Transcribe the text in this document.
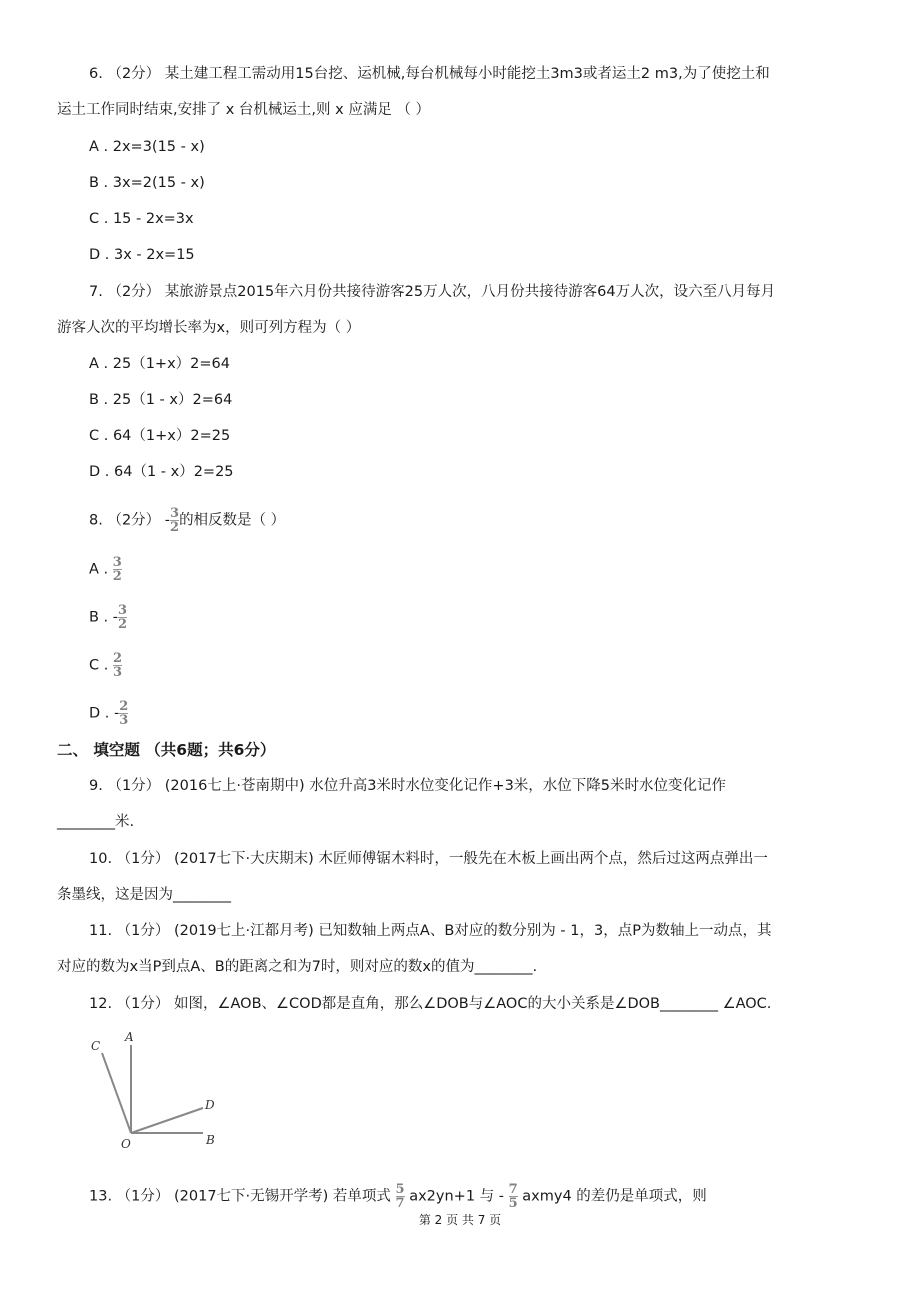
6. （2分） 某土建工程工需动用15台挖、运机械,每台机械每小时能挖土3m3或者运土2 m3,为了使挖土和
运土工作同时结束,安排了 x 台机械运土,则 x 应满足 （ ）
A . 2x=3(15 - x)
B . 3x=2(15 - x)
C . 15 - 2x=3x
D . 3x - 2x=15
7. （2分） 某旅游景点2015年六月份共接待游客25万人次，八月份共接待游客64万人次，设六至八月每月
游客人次的平均增长率为x，则可列方程为（ ）
A . 25（1+x）2=64
B . 25（1 - x）2=64
C . 64（1+x）2=25
D . 64（1 - x）2=25
8. （2分） - $\frac{3}{2}$ 的相反数是（ ）
A . $\frac{3}{2}$
B . - $\frac{3}{2}$
C . $\frac{2}{3}$
D . - $\frac{2}{3}$
二、 填空题 （共6题；共6分）
9. （1分） (2016七上·苍南期中) 水位升高3米时水位变化记作+3米，水位下降5米时水位变化记作
________米.
10. （1分） (2017七下·大庆期末) 木匠师傅锯木料时，一般先在木板上画出两个点，然后过这两点弹出一
条墨线，这是因为________
11. （1分） (2019七上·江都月考) 已知数轴上两点A、B对应的数分别为 - 1，3，点P为数轴上一动点，其
对应的数为x当P到点A、B的距离之和为7时，则对应的数x的值为________.
12. （1分） 如图，∠AOB、∠COD都是直角，那么∠DOB与∠AOC的大小关系是∠DOB________ ∠AOC.
C
A
D
O	B
13. （1分） (2017七下·无锡开学考) 若单项式 $\frac{5}{7} ax2yn+1$ 与 - $\frac{7}{5}$ axmy4 的差仍是单项式，则
第 2 页 共 7 页
